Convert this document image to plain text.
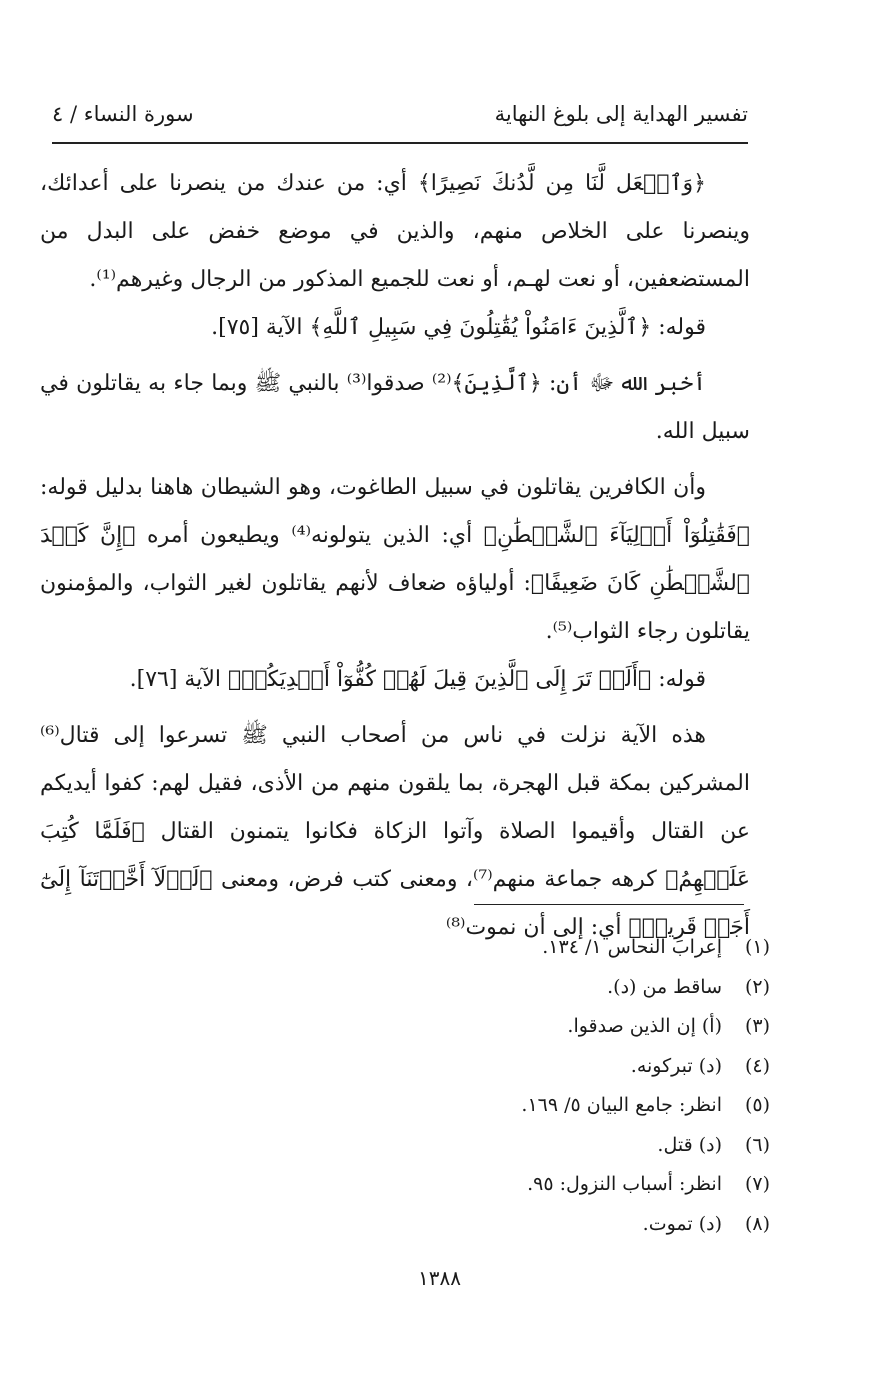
تفسير الهداية إلى بلوغ النهاية
سورة النساء / ٤

﴿وَٱجۡعَل لَّنَا مِن لَّدُنكَ نَصِيرًا﴾ أي: من عندك من ينصرنا على أعدائك، وينصرنا على الخلاص منهم، والذين في موضع خفض على البدل من المستضعفين، أو نعت لهـم، أو نعت للجميع المذكور من الرجال وغيرهم⁽¹⁾.

قوله: ﴿ٱلَّذِينَ ءَامَنُواْ يُقَٰتِلُونَ فِي سَبِيلِ ٱللَّهِ﴾ الآية [٧٥].

أخبر الله ﷻ أن: ﴿ٱلَّذِينَ﴾⁽²⁾ صدقوا⁽³⁾ بالنبي ﷺ وبما جاء به يقاتلون في سبيل الله.

وأن الكافرين يقاتلون في سبيل الطاغوت، وهو الشيطان هاهنا بدليل قوله: ﴿فَقَٰتِلُوٓاْ أَوۡلِيَآءَ ٱلشَّيۡطَٰنِ﴾ أي: الذين يتولونه⁽⁴⁾ ويطيعون أمره ﴿إِنَّ كَيۡدَ ٱلشَّيۡطَٰنِ كَانَ ضَعِيفًا﴾: أولياؤه ضعاف لأنهم يقاتلون لغير الثواب، والمؤمنون يقاتلون رجاء الثواب⁽⁵⁾.

قوله: ﴿أَلَمۡ تَرَ إِلَى ٱلَّذِينَ قِيلَ لَهُمۡ كُفُّوٓاْ أَيۡدِيَكُمۡ﴾ الآية [٧٦].

هذه الآية نزلت في ناس من أصحاب النبي ﷺ تسرعوا إلى قتال⁽⁶⁾ المشركين بمكة قبل الهجرة، بما يلقون منهم من الأذى، فقيل لهم: كفوا أيديكم عن القتال وأقيموا الصلاة وآتوا الزكاة فكانوا يتمنون القتال ﴿فَلَمَّا كُتِبَ عَلَيۡهِمُ﴾ كرهه جماعة منهم⁽⁷⁾، ومعنى كتب فرض، ومعنى ﴿لَوۡلَآ أَخَّرۡتَنَآ إِلَىٰٓ أَجَلٖ قَرِيبٖ﴾ أي: إلى أن نموت⁽⁸⁾

(١)إعراب النحاس ١/ ١٣٤.
(٢)ساقط من (د).
(٣)(أ) إن الذين صدقوا.
(٤)(د) تبركونه.
(٥)انظر: جامع البيان ٥/ ١٦٩.
(٦)(د) قتل.
(٧)انظر: أسباب النزول: ٩٥.
(٨)(د) تموت.
١٣٨٨
